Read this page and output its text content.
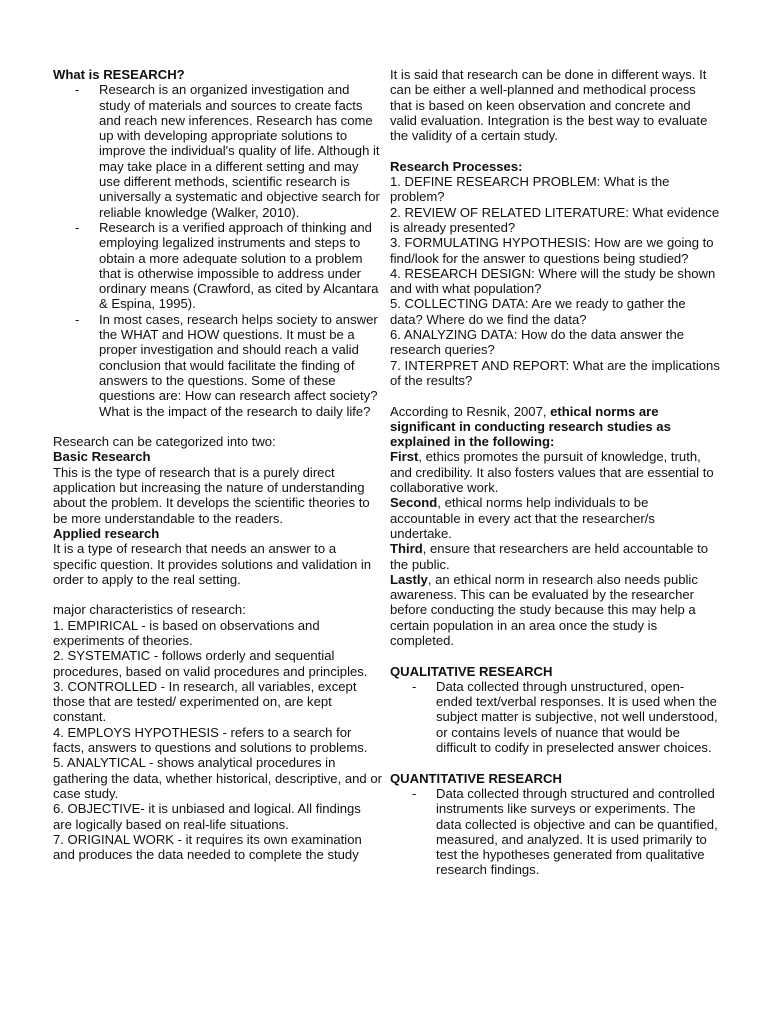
What is RESEARCH?

- Research is an organized investigation and study of materials and sources to create facts and reach new inferences. Research has come up with developing appropriate solutions to improve the individual's quality of life. Although it may take place in a different setting and may use different methods, scientific research is universally a systematic and objective search for reliable knowledge (Walker, 2010).
- Research is a verified approach of thinking and employing legalized instruments and steps to obtain a more adequate solution to a problem that is otherwise impossible to address under ordinary means (Crawford, as cited by Alcantara & Espina, 1995).
- In most cases, research helps society to answer the WHAT and HOW questions. It must be a proper investigation and should reach a valid conclusion that would facilitate the finding of answers to the questions. Some of these questions are: How can research affect society? What is the impact of the research to daily life?

Research can be categorized into two:

Basic Research

This is the type of research that is a purely direct application but increasing the nature of understanding about the problem. It develops the scientific theories to be more understandable to the readers.

Applied research

It is a type of research that needs an answer to a specific question. It provides solutions and validation in order to apply to the real setting.

major characteristics of research:

1. EMPIRICAL - is based on observations and experiments of theories.

2. SYSTEMATIC - follows orderly and sequential procedures, based on valid procedures and principles.

3. CONTROLLED - In research, all variables, except those that are tested/ experimented on, are kept constant.

4. EMPLOYS HYPOTHESIS - refers to a search for facts, answers to questions and solutions to problems.

5. ANALYTICAL - shows analytical procedures in gathering the data, whether historical, descriptive, and or case study.

6. OBJECTIVE- it is unbiased and logical. All findings are logically based on real-life situations.

7. ORIGINAL WORK - it requires its own examination and produces the data needed to complete the study

It is said that research can be done in different ways. It can be either a well-planned and methodical process that is based on keen observation and concrete and valid evaluation. Integration is the best way to evaluate the validity of a certain study.

Research Processes:

1. DEFINE RESEARCH PROBLEM: What is the problem?

2. REVIEW OF RELATED LITERATURE: What evidence is already presented?

3. FORMULATING HYPOTHESIS: How are we going to find/look for the answer to questions being studied?

4. RESEARCH DESIGN: Where will the study be shown and with what population?

5. COLLECTING DATA: Are we ready to gather the data? Where do we find the data?

6. ANALYZING DATA: How do the data answer the research queries?

7. INTERPRET AND REPORT: What are the implications of the results?

According to Resnik, 2007, ethical norms are significant in conducting research studies as explained in the following:

First, ethics promotes the pursuit of knowledge, truth, and credibility. It also fosters values that are essential to collaborative work.

Second, ethical norms help individuals to be accountable in every act that the researcher/s undertake.

Third, ensure that researchers are held accountable to the public.

Lastly, an ethical norm in research also needs public awareness. This can be evaluated by the researcher before conducting the study because this may help a certain population in an area once the study is completed.

QUALITATIVE RESEARCH

- Data collected through unstructured, open-ended text/verbal responses. It is used when the subject matter is subjective, not well understood, or contains levels of nuance that would be difficult to codify in preselected answer choices.

QUANTITATIVE RESEARCH

- Data collected through structured and controlled instruments like surveys or experiments. The data collected is objective and can be quantified, measured, and analyzed. It is used primarily to test the hypotheses generated from qualitative research findings.
